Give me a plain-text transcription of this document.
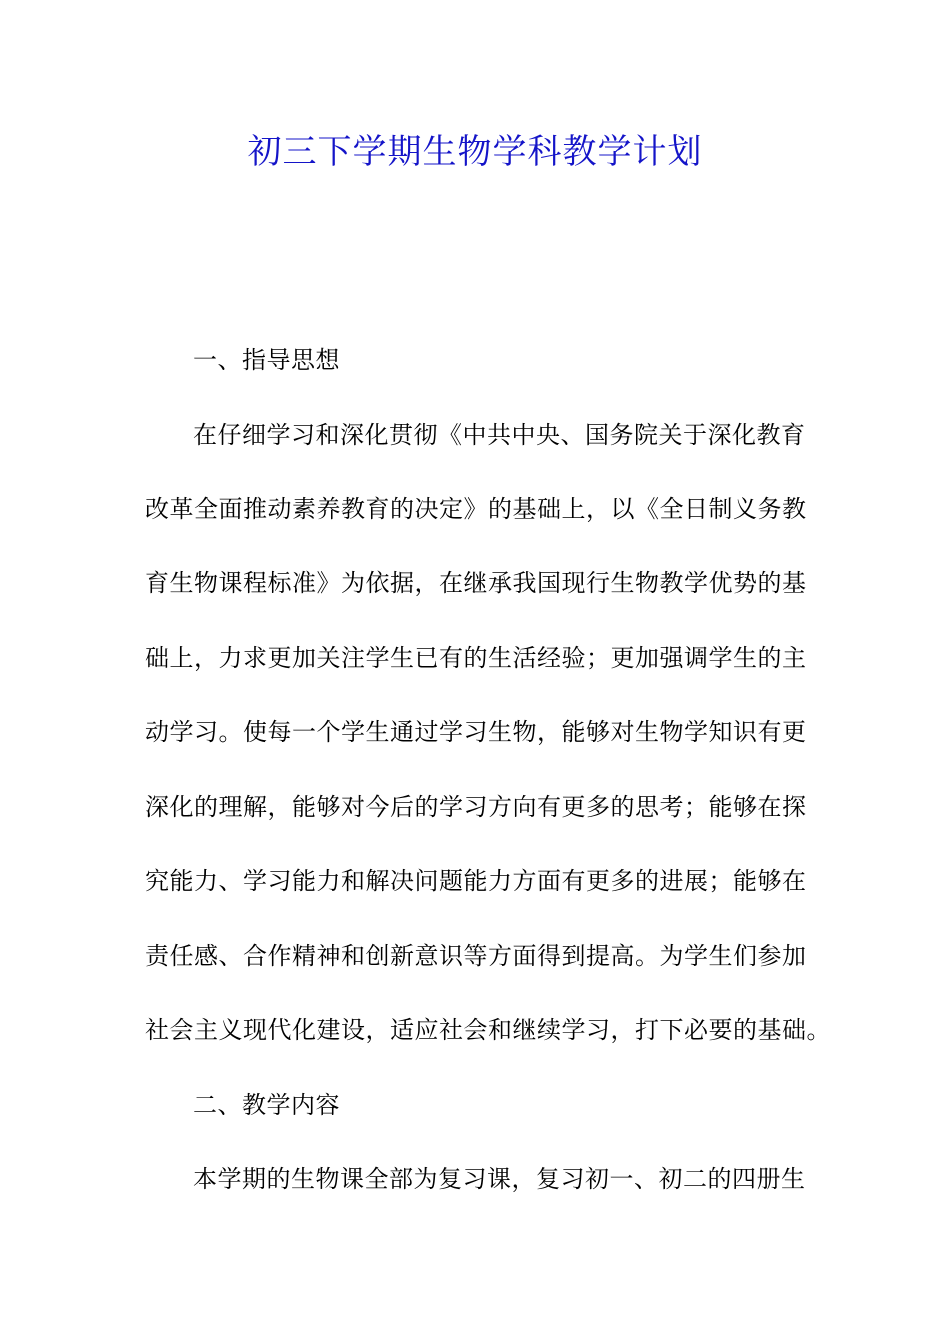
初三下学期生物学科教学计划
一、指导思想
在仔细学习和深化贯彻《中共中央、国务院关于深化教育
改革全面推动素养教育的决定》的基础上，以《全日制义务教
育生物课程标准》为依据，在继承我国现行生物教学优势的基
础上，力求更加关注学生已有的生活经验；更加强调学生的主
动学习。使每一个学生通过学习生物，能够对生物学知识有更
深化的理解，能够对今后的学习方向有更多的思考；能够在探
究能力、学习能力和解决问题能力方面有更多的进展；能够在
责任感、合作精神和创新意识等方面得到提高。为学生们参加
社会主义现代化建设，适应社会和继续学习，打下必要的基础。
二、教学内容
本学期的生物课全部为复习课，复习初一、初二的四册生
